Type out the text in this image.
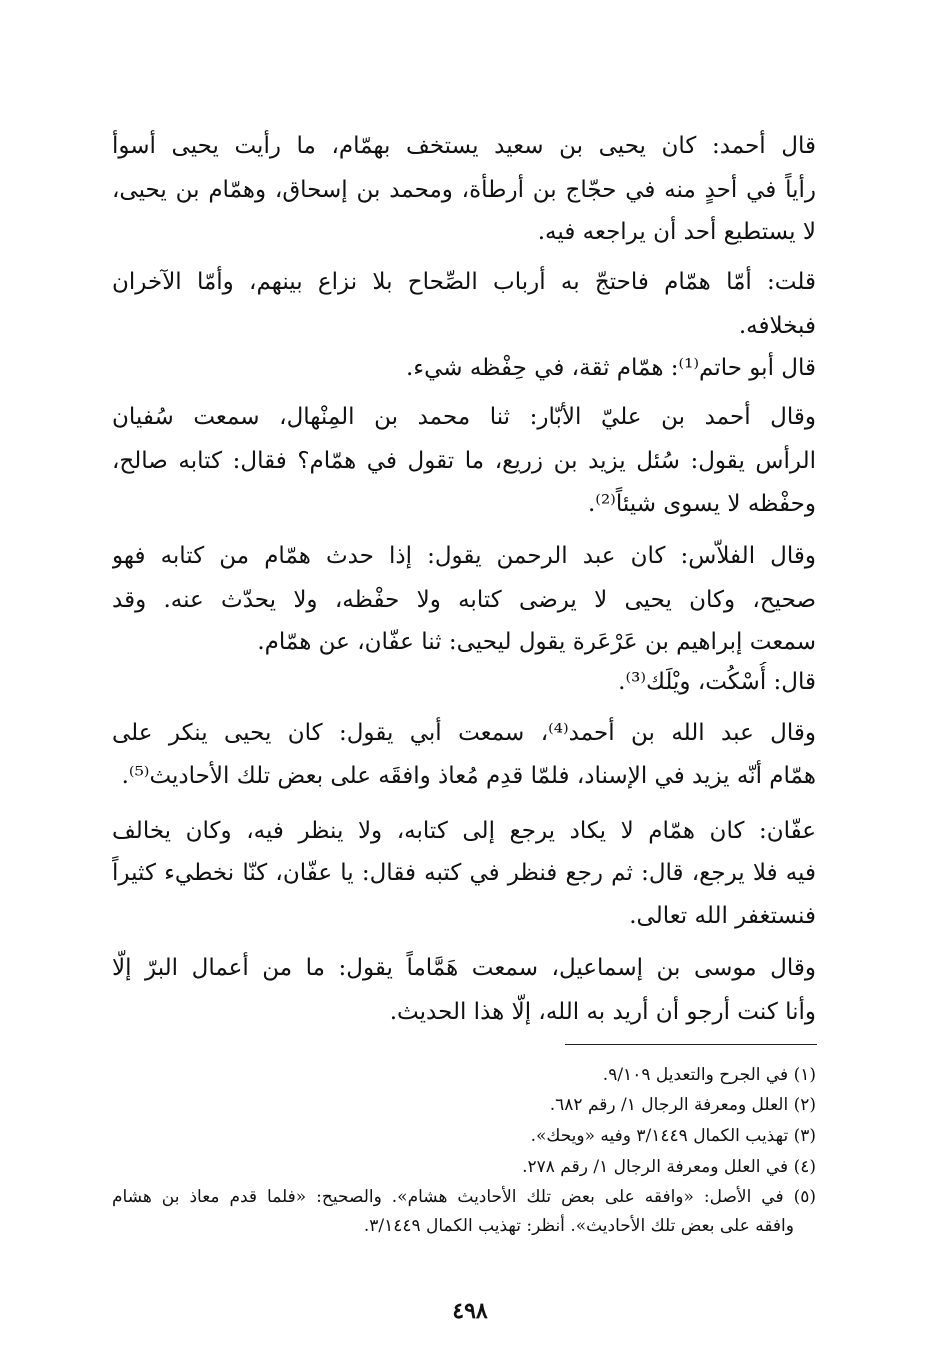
قال أحمد: كان يحيى بن سعيد يستخف بهمّام، ما رأيت يحيى أسوأ
رأياً في أحدٍ منه في حجّاج بن أرطأة، ومحمد بن إسحاق، وهمّام بن يحيى،
لا يستطيع أحد أن يراجعه فيه.
قلت: أمّا همّام فاحتجّ به أرباب الصِّحاح بلا نزاع بينهم، وأمّا الآخران
فبخلافه.
قال أبو حاتم⁽¹⁾: همّام ثقة، في حِفْظه شيء.
وقال أحمد بن عليّ الأبّار: ثنا محمد بن المِنْهال، سمعت سُفيان
الرأس يقول: سُئل يزيد بن زريع، ما تقول في همّام؟ فقال: كتابه صالح،
وحفْظه لا يسوى شيئاً⁽²⁾.
وقال الفلاّس: كان عبد الرحمن يقول: إذا حدث همّام من كتابه فهو
صحيح، وكان يحيى لا يرضى كتابه ولا حفْظه، ولا يحدّث عنه. وقد
سمعت إبراهيم بن عَرْعَرة يقول ليحيى: ثنا عفّان، عن همّام.
قال: أُسْكُت، ويْلَك⁽³⁾.
وقال عبد الله بن أحمد⁽⁴⁾، سمعت أبي يقول: كان يحيى ينكر على
همّام أنّه يزيد في الإسناد، فلمّا قدِم مُعاذ وافقَه على بعض تلك الأحاديث⁽⁵⁾.
عفّان: كان همّام لا يكاد يرجع إلى كتابه، ولا ينظر فيه، وكان يخالف
فيه فلا يرجع، قال: ثم رجع فنظر في كتبه فقال: يا عفّان، كنّا نخطيء كثيراً
فنستغفر الله تعالى.
وقال موسى بن إسماعيل، سمعت هَمَّاماً يقول: ما من أعمال البرّ إلّا
وأنا كنت أرجو أن أريد به الله، إلّا هذا الحديث.
(١) في الجرح والتعديل ٩/١٠٩.
(٢) العلل ومعرفة الرجال ١/ رقم ٦٨٢.
(٣) تهذيب الكمال ٣/١٤٤٩ وفيه «ويحك».
(٤) في العلل ومعرفة الرجال ١/ رقم ٢٧٨.
(٥) في الأصل: «وافقه على بعض تلك الأحاديث هشام». والصحيح: «فلما قدم معاذ بن هشام
وافقه على بعض تلك الأحاديث». أنظر: تهذيب الكمال ٣/١٤٤٩.
٤٩٨
